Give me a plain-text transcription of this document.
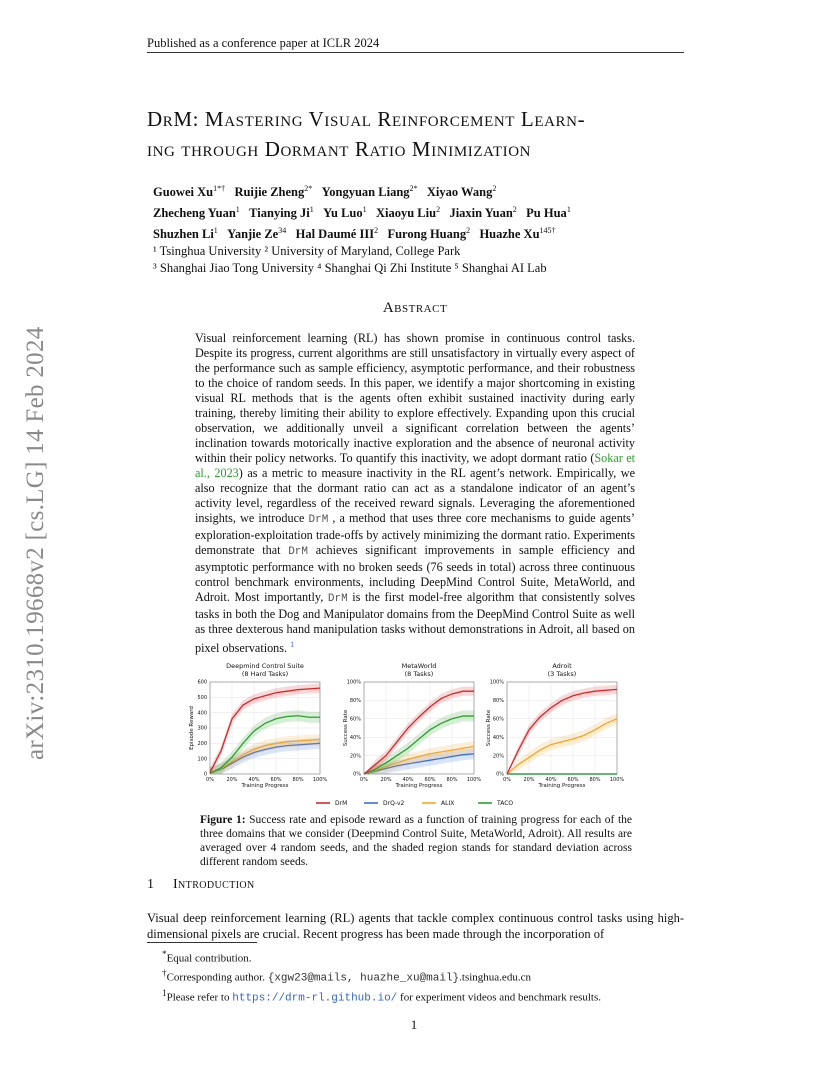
Published as a conference paper at ICLR 2024
arXiv:2310.19668v2 [cs.LG] 14 Feb 2024
DrM: Mastering Visual Reinforcement Learn-
ing through Dormant Ratio Minimization
Guowei $Xu^{1*\dagger}$ Ruijie Zheng$^{2*}$ Yongyuan Liang$^{2*}$ Xiyao Wang$^2$
Zhecheng Yuan$^1$ Tianying Ji$^1$ Yu Luo$^1$ Xiaoyu Liu$^2$ Jiaxin Yuan$^2$ Pu Hua$^1$
Shuzhen Li$^1$ Yanjie Ze$^{34}$ Hal Daumé III$^2$ Furong Huang$^2$ Huazhe $Xu^{145\dagger}$
¹ Tsinghua University ² University of Maryland, College Park
³ Shanghai Jiao Tong University ⁴ Shanghai Qi Zhi Institute ⁵ Shanghai AI Lab
Abstract
Visual reinforcement learning (RL) has shown promise in continuous control tasks. Despite its progress, current algorithms are still unsatisfactory in virtually every aspect of the performance such as sample efficiency, asymptotic performance, and their robustness to the choice of random seeds. In this paper, we identify a major shortcoming in existing visual RL methods that is the agents often exhibit sustained inactivity during early training, thereby limiting their ability to explore effectively. Expanding upon this crucial observation, we additionally unveil a significant correlation between the agents’ inclination towards motorically inactive exploration and the absence of neuronal activity within their policy networks. To quantify this inactivity, we adopt dormant ratio (Sokar et al., 2023) as a metric to measure inactivity in the RL agent’s network. Empirically, we also recognize that the dormant ratio can act as a standalone indicator of an agent’s activity level, regardless of the received reward signals. Leveraging the aforementioned insights, we introduce DrM , a method that uses three core mechanisms to guide agents’ exploration-exploitation trade-offs by actively minimizing the dormant ratio. Experiments demonstrate that DrM achieves significant improvements in sample efficiency and asymptotic performance with no broken seeds (76 seeds in total) across three continuous control benchmark environments, including DeepMind Control Suite, MetaWorld, and Adroit. Most importantly, DrM is the first model-free algorithm that consistently solves tasks in both the Dog and Manipulator domains from the DeepMind Control Suite as well as three dexterous hand manipulation tasks without demonstrations in Adroit, all based on pixel observations. $^1$
Deepmind Control Suite
(8 Hard Tasks)
0
100
200
300
400
500
600
0% 20% 40% 60% 80% 100%
Training Progress
Episode Reward
MetaWorld
(8 Tasks)
0%
20%
40%
60%
80%
100%
0% 20% 40% 60% 80% 100%
Training Progress
Success Rate
Adroit
(3 Tasks)
0%
20%
40%
60%
80%
100%
0% 20% 40% 60% 80% 100%
Training Progress
Success Rate
DrM	DrQ-v2	ALIX	TACO
Figure 1: Success rate and episode reward as a function of training progress for each of the three domains that we consider (Deepmind Control Suite, MetaWorld, Adroit). All results are averaged over 4 random seeds, and the shaded region stands for standard deviation across different random seeds.
1 Introduction
Visual deep reinforcement learning (RL) agents that tackle complex continuous control tasks using high-dimensional pixels are crucial. Recent progress has been made through the incorporation of
*Equal contribution.
†Corresponding author. {xgw23@mails, huazhe_xu@mail}.tsinghua.edu.cn
$^1$Please refer to https://drm-rl.github.io/ for experiment videos and benchmark results.
1
